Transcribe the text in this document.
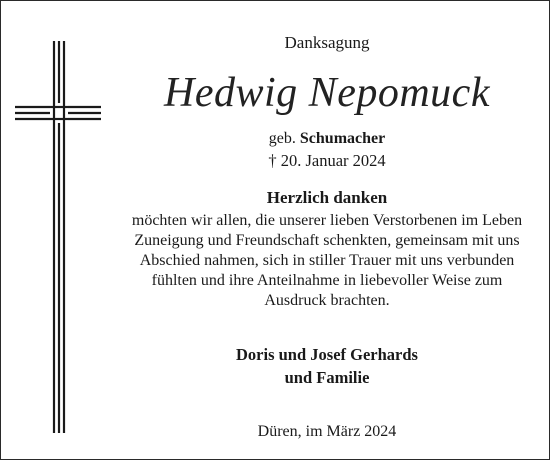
Danksagung
Hedwig Nepomuck
geb. Schumacher
† 20. Januar 2024
Herzlich danken
möchten wir allen, die unserer lieben Verstorbenen im Leben
Zuneigung und Freundschaft schenkten, gemeinsam mit uns
Abschied nahmen, sich in stiller Trauer mit uns verbunden
fühlten und ihre Anteilnahme in liebevoller Weise zum
Ausdruck brachten.
Doris und Josef Gerhards
und Familie
Düren, im März 2024
